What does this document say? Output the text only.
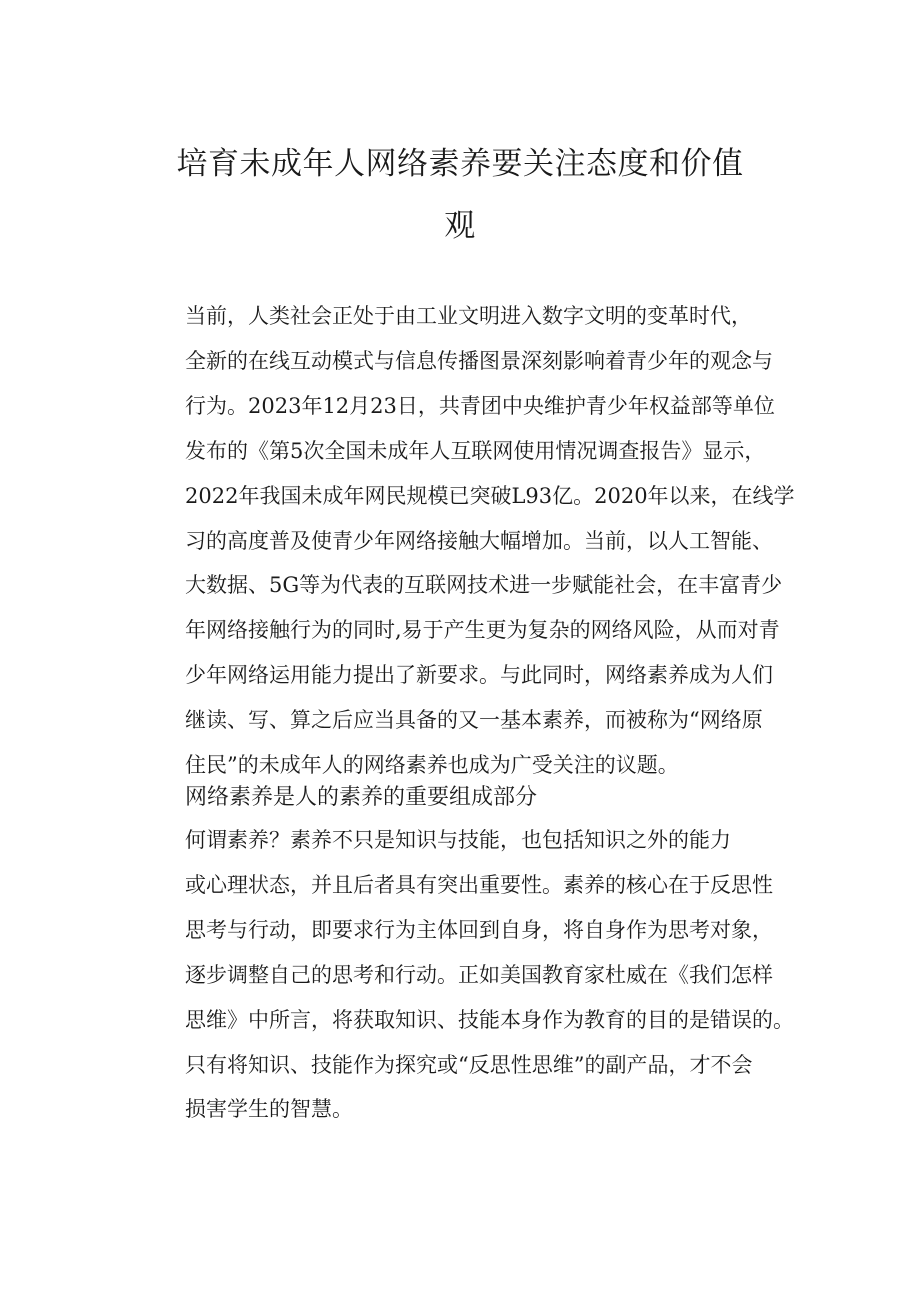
培育未成年人网络素养要关注态度和价值
观

当前，人类社会正处于由工业文明进入数字文明的变革时代，
全新的在线互动模式与信息传播图景深刻影响着青少年的观念与
行为。2023年12月23日，共青团中央维护青少年权益部等单位
发布的《第5次全国未成年人互联网使用情况调查报告》显示，
2022年我国未成年网民规模已突破L93亿。2020年以来，在线学
习的高度普及使青少年网络接触大幅增加。当前，以人工智能、
大数据、5G等为代表的互联网技术进一步赋能社会，在丰富青少
年网络接触行为的同时,易于产生更为复杂的网络风险，从而对青
少年网络运用能力提出了新要求。与此同时，网络素养成为人们
继读、写、算之后应当具备的又一基本素养，而被称为“网络原
住民”的未成年人的网络素养也成为广受关注的议题。

网络素养是人的素养的重要组成部分

何谓素养？素养不只是知识与技能，也包括知识之外的能力
或心理状态，并且后者具有突出重要性。素养的核心在于反思性
思考与行动，即要求行为主体回到自身，将自身作为思考对象，
逐步调整自己的思考和行动。正如美国教育家杜威在《我们怎样
思维》中所言，将获取知识、技能本身作为教育的目的是错误的。
只有将知识、技能作为探究或“反思性思维”的副产品，才不会
损害学生的智慧。
